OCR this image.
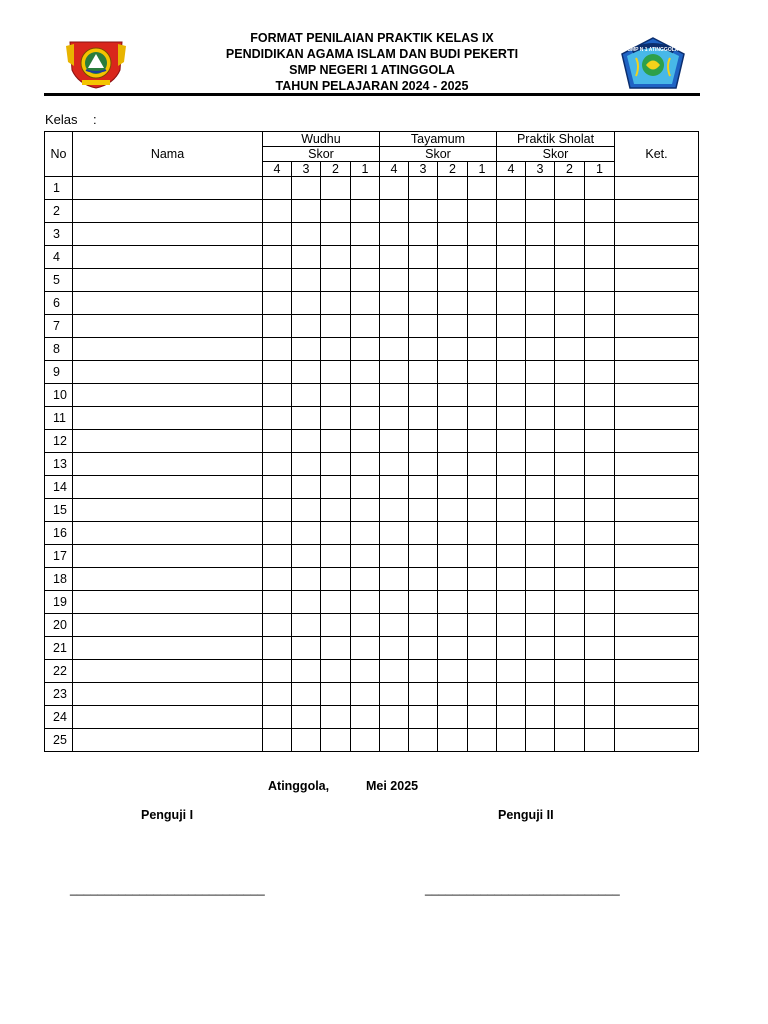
FORMAT PENILAIAN PRAKTIK KELAS IX
PENDIDIKAN AGAMA ISLAM DAN BUDI PEKERTI
SMP NEGERI 1 ATINGGOLA
TAHUN PELAJARAN 2024 - 2025
SMP N 1 ATINGGOLA
Kelas :
No	Nama	Wudhu				Tayamum				Praktik Sholat				Ket.
		Skor				Skor				Skor				
		4	3	2	1	4	3	2	1	4	3	2	1	
1														
2														
3														
4														
5														
6														
7														
8														
9														
10														
11														
12														
13														
14														
15														
16														
17														
18														
19														
20														
21														
22														
23														
24														
25														
Atinggola,	Mei 2025
Penguji I	Penguji II
____________________________	____________________________
